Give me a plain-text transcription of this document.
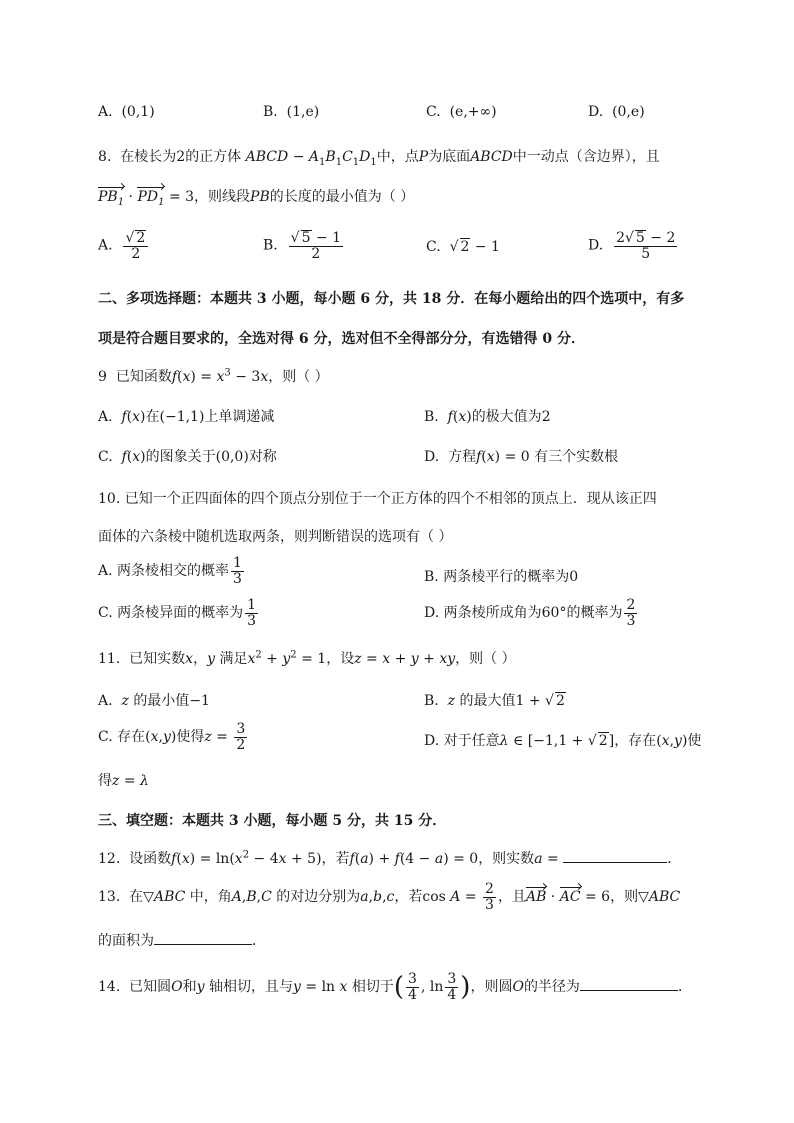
A. (0,1)	B. (1,e)	C. (e,+∞)	D. (0,e)
8. 在棱长为2的正方体 ABCD − $A_1B_1C_1D_1$中，点P为底面ABCD中一动点（含边界），且
$PB_1 \cdot PD_1 = 3$，则线段PB的长度的最小值为（ ）
A. $\frac{√ 2}{2}$	B. $\frac{√ 5 - 1}{2}$	C.  √ 2 − 1	D. $\frac{2√ 5 - 2}{5}$
二、多项选择题：本题共 3 小题，每小题 6 分，共 18 分．在每小题给出的四个选项中，有多
项是符合题目要求的，全选对得 6 分，选对但不全得部分分，有选错得 0 分．
9 已知函数$f(x) = x^3 - 3x$，则（ ）
A. f(x)在(−1,1)上单调递减	B. f(x)的极大值为2
C. f(x)的图象关于(0,0)对称	D. 方程f(x) = 0 有三个实数根
10. 已知一个正四面体的四个顶点分别位于一个正方体的四个不相邻的顶点上．现从该正四
面体的六条棱中随机选取两条，则判断错误的选项有（ ）
A. 两条棱相交的概率 $\frac{1}{3}$	B. 两条棱平行的概率为0
C. 两条棱异面的概率为 $\frac{1}{3}$	D. 两条棱所成角为60°的概率为 $\frac{2}{3}$
11. 已知实数x，y 满足$x^2 + y^2 = 1$，设z = x + y + xy，则（ ）
A. z 的最小值−1	B. z 的最大值1 + √ 2
C. 存在(x,y)使得$z = \frac{3}{2}$	D. 对于任意λ ∈ [−1,1 + √ 2]，存在(x,y)使
得z = λ
三、填空题：本题共 3 小题，每小题 5 分，共 15 分．
12. 设函数$f(x) = \ln(x^2 - 4x + 5)$，若f(a) + f(4 − a) = 0，则实数a =	．
13. 在▽ABC 中，角A,B,C 的对边分别为a,b,c，若$\cos A = \frac{2}{3}$ ，且AB · AC = 6，则▽ABC
的面积为	．
14. 已知圆O和y 轴相切，且与y = ln x 相切于( $\frac{3}{4}$ , $\ln \frac{3}{4}$ )，则圆O的半径为	．
